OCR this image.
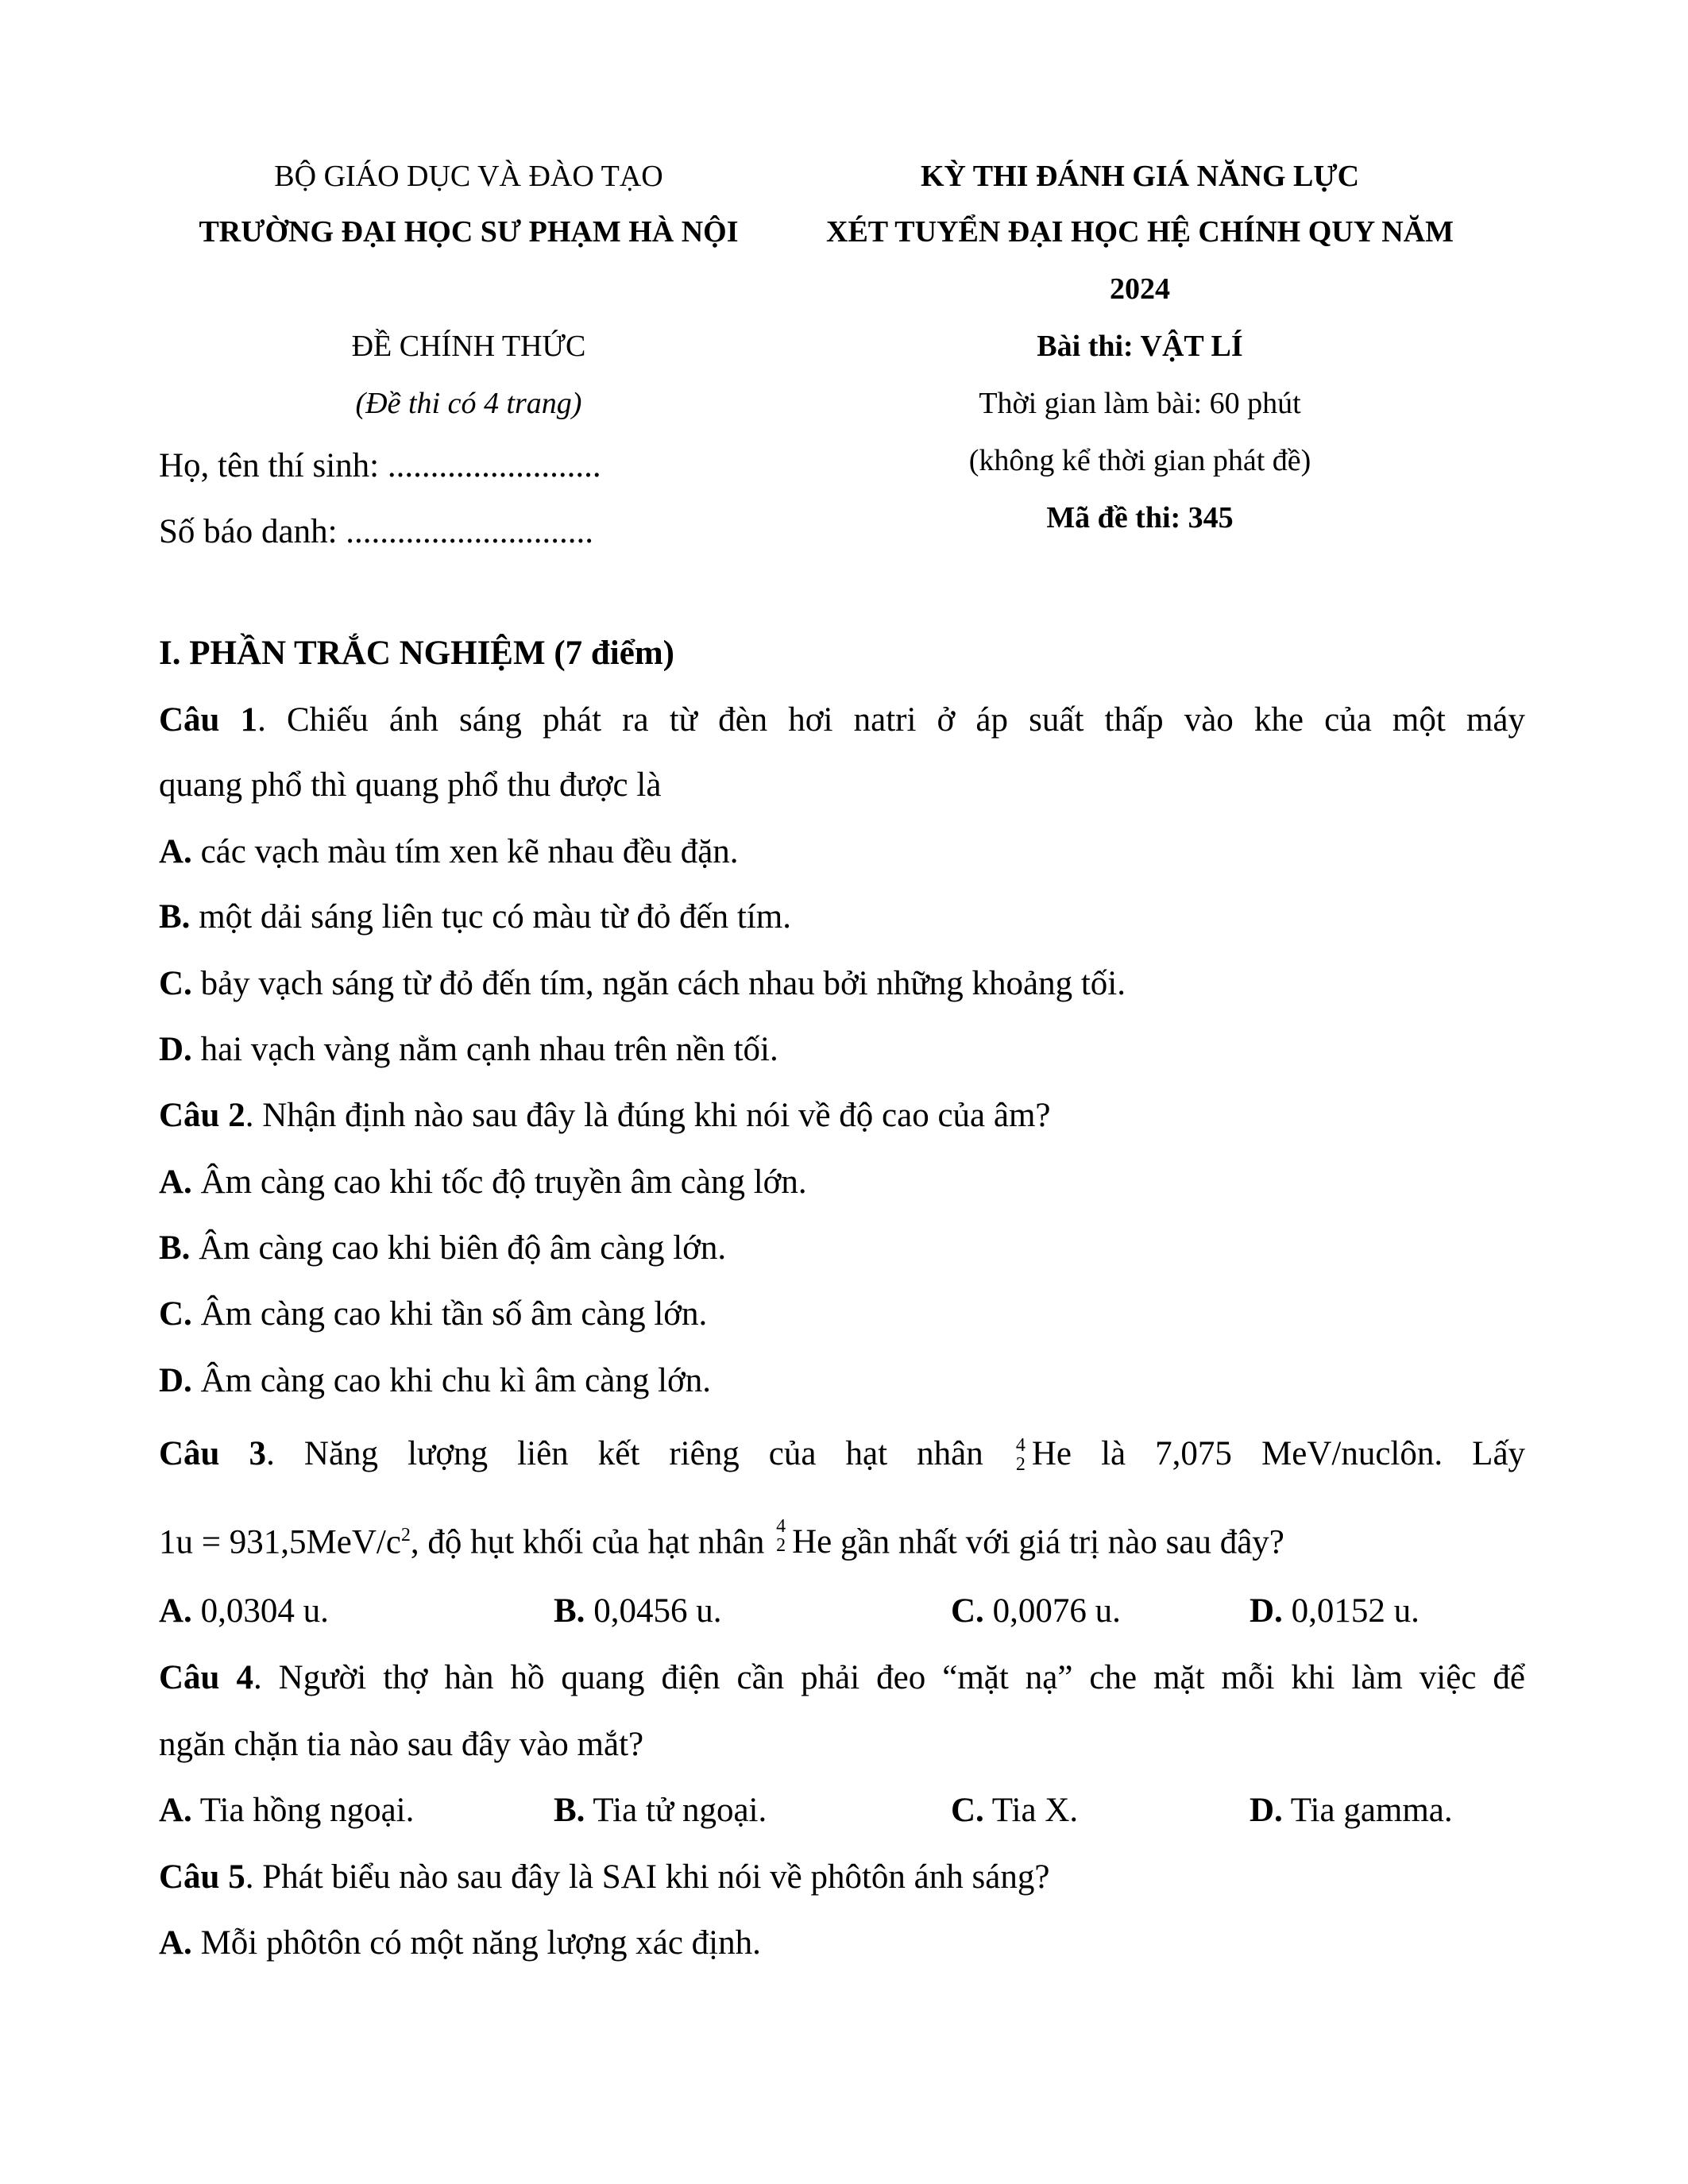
BỘ GIÁO DỤC VÀ ĐÀO TẠO
TRƯỜNG ĐẠI HỌC SƯ PHẠM HÀ NỘI
KỲ THI ĐÁNH GIÁ NĂNG LỰC
XÉT TUYỂN ĐẠI HỌC HỆ CHÍNH QUY NĂM
2024
ĐỀ CHÍNH THỨC
(Đề thi có 4 trang)
Bài thi: VẬT LÍ
Thời gian làm bài: 60 phút
(không kể thời gian phát đề)
Mã đề thi: 345
Họ, tên thí sinh: .........................
Số báo danh: .............................
I. PHẦN TRẮC NGHIỆM (7 điểm)
Câu 1. Chiếu ánh sáng phát ra từ đèn hơi natri ở áp suất thấp vào khe của một máy
quang phổ thì quang phổ thu được là
A. các vạch màu tím xen kẽ nhau đều đặn.
B. một dải sáng liên tục có màu từ đỏ đến tím.
C. bảy vạch sáng từ đỏ đến tím, ngăn cách nhau bởi những khoảng tối.
D. hai vạch vàng nằm cạnh nhau trên nền tối.
Câu 2. Nhận định nào sau đây là đúng khi nói về độ cao của âm?
A. Âm càng cao khi tốc độ truyền âm càng lớn.
B. Âm càng cao khi biên độ âm càng lớn.
C. Âm càng cao khi tần số âm càng lớn.
D. Âm càng cao khi chu kì âm càng lớn.
Câu 3. Năng lượng liên kết riêng của hạt nhân 4
2 He là 7,075 MeV/nuclôn. Lấy
$1u = 931,5MeV/c^2$, độ hụt khối của hạt nhân 4
2 He gần nhất với giá trị nào sau đây?
A. 0,0304 u.	B. 0,0456 u.	C. 0,0076 u.	D. 0,0152 u.
Câu 4. Người thợ hàn hồ quang điện cần phải đeo “mặt nạ” che mặt mỗi khi làm việc để
ngăn chặn tia nào sau đây vào mắt?
A. Tia hồng ngoại.	B. Tia tử ngoại.	C. Tia X.	D. Tia gamma.
Câu 5. Phát biểu nào sau đây là SAI khi nói về phôtôn ánh sáng?
A. Mỗi phôtôn có một năng lượng xác định.
